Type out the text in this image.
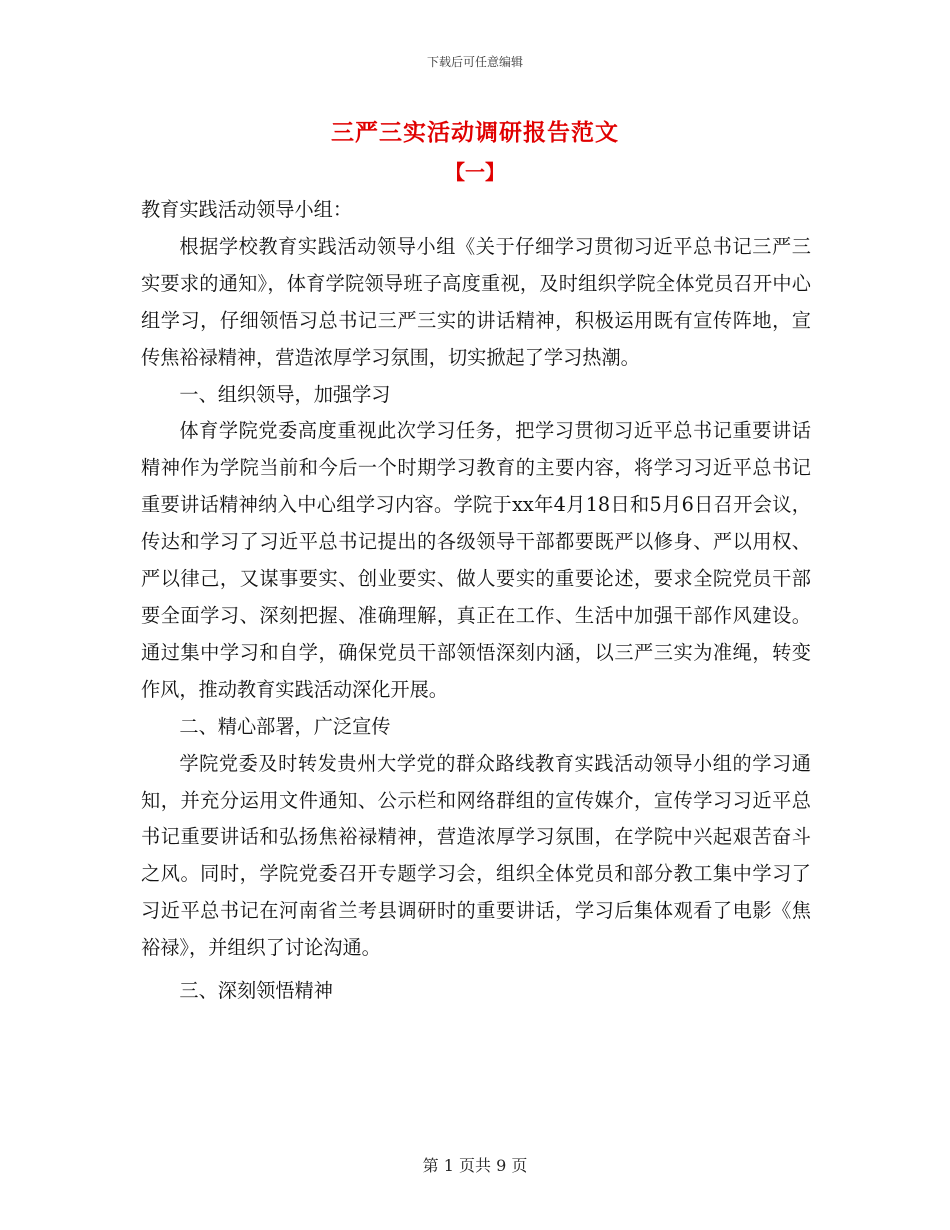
下载后可任意编辑
三严三实活动调研报告范文
【一】

教育实践活动领导小组：

根据学校教育实践活动领导小组《关于仔细学习贯彻习近平总书记三严三实要求的通知》，体育学院领导班子高度重视，及时组织学院全体党员召开中心组学习，仔细领悟习总书记三严三实的讲话精神，积极运用既有宣传阵地，宣传焦裕禄精神，营造浓厚学习氛围，切实掀起了学习热潮。

一、组织领导，加强学习

体育学院党委高度重视此次学习任务，把学习贯彻习近平总书记重要讲话精神作为学院当前和今后一个时期学习教育的主要内容，将学习习近平总书记重要讲话精神纳入中心组学习内容。学院于xx年4月18日和5月6日召开会议，传达和学习了习近平总书记提出的各级领导干部都要既严以修身、严以用权、严以律己，又谋事要实、创业要实、做人要实的重要论述，要求全院党员干部要全面学习、深刻把握、准确理解，真正在工作、生活中加强干部作风建设。通过集中学习和自学，确保党员干部领悟深刻内涵，以三严三实为准绳，转变作风，推动教育实践活动深化开展。

二、精心部署，广泛宣传

学院党委及时转发贵州大学党的群众路线教育实践活动领导小组的学习通知，并充分运用文件通知、公示栏和网络群组的宣传媒介，宣传学习习近平总书记重要讲话和弘扬焦裕禄精神，营造浓厚学习氛围，在学院中兴起艰苦奋斗之风。同时，学院党委召开专题学习会，组织全体党员和部分教工集中学习了习近平总书记在河南省兰考县调研时的重要讲话，学习后集体观看了电影《焦裕禄》，并组织了讨论沟通。

三、深刻领悟精神

第 1 页共 9 页
